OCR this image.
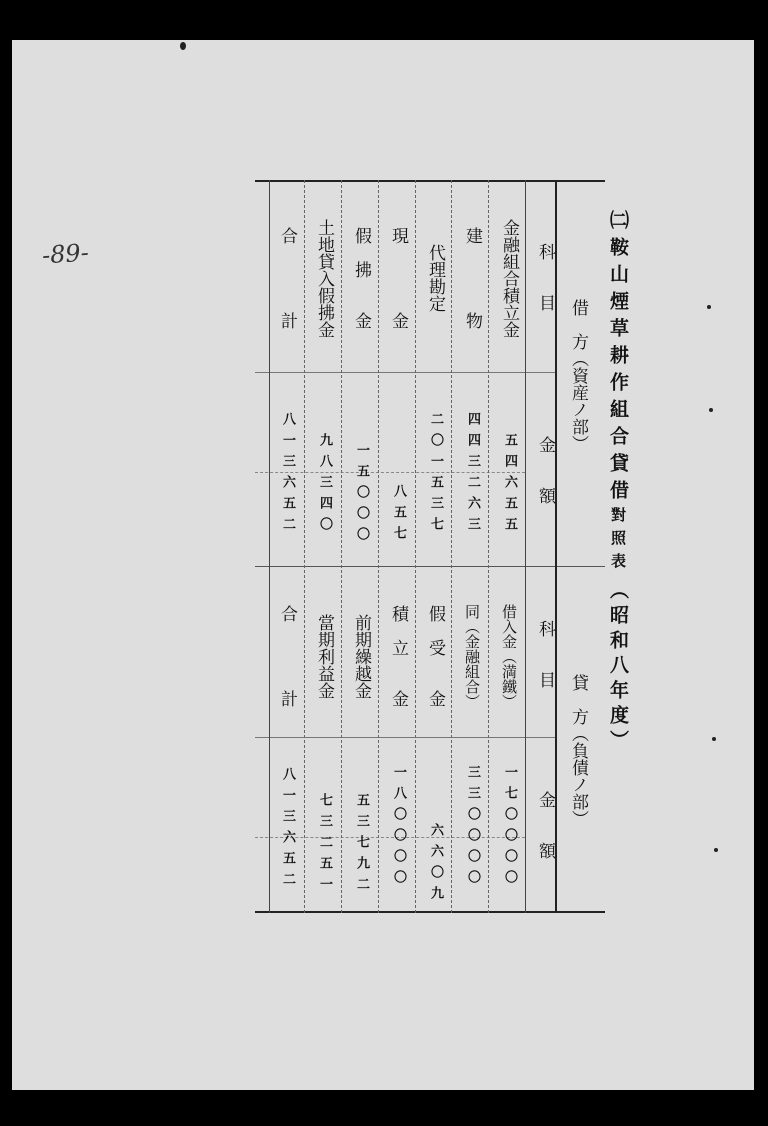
-89-	㈡鞍山煙草耕作組合貸借對照表
（昭和八年度）
借　方（資産ノ部）
科　　目
金　　額
金融組合積立金
五四六五五
建　　　　物
四四三二六三
代理勘定
二〇一五三七
現　　　　金
八五七
假　拂　　金
一五〇〇〇
土地貸入假拂金
九八三四〇
合　　　　計
八一三六五二
貸　方（負債ノ部）
科　　目
金　　額
借入金（満鐵）
一七〇〇〇〇
同（金融組合）
三三〇〇〇〇
假　受　　金
六六〇九
積　立　　金
一八〇〇〇〇
前期繰越金
五三七九二
當期利益金
七三二五一
合　　　　計
八一三六五二
